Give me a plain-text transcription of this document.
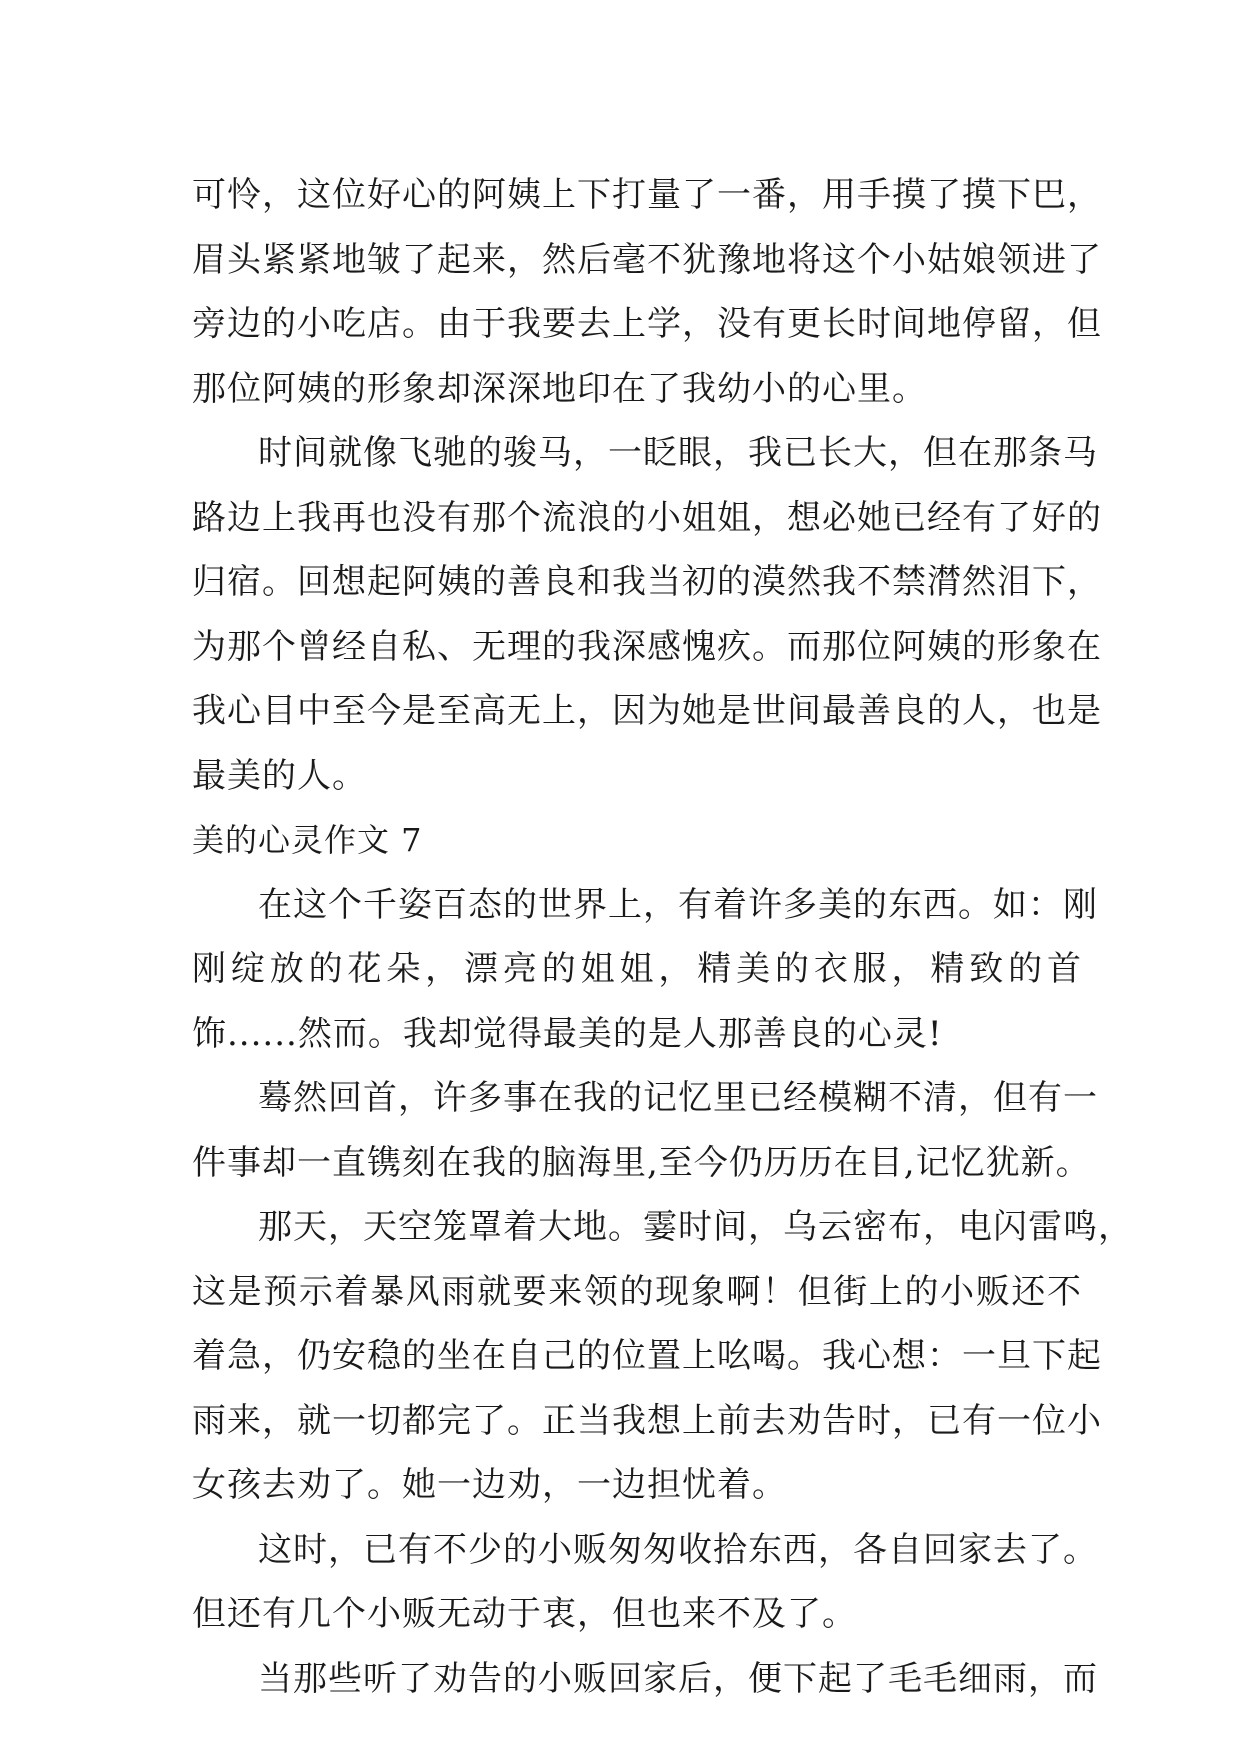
可怜，这位好心的阿姨上下打量了一番，用手摸了摸下巴，
眉头紧紧地皱了起来，然后毫不犹豫地将这个小姑娘领进了
旁边的小吃店。由于我要去上学，没有更长时间地停留，但
那位阿姨的形象却深深地印在了我幼小的心里。
时间就像飞驰的骏马，一眨眼，我已长大，但在那条马
路边上我再也没有那个流浪的小姐姐，想必她已经有了好的
归宿。回想起阿姨的善良和我当初的漠然我不禁潸然泪下，
为那个曾经自私、无理的我深感愧疚。而那位阿姨的形象在
我心目中至今是至高无上，因为她是世间最善良的人，也是
最美的人。
美的心灵作文 7
在这个千姿百态的世界上，有着许多美的东西。如：刚
刚绽放的花朵，漂亮的姐姐，精美的衣服，精致的首
饰......然而。我却觉得最美的是人那善良的心灵!
蓦然回首，许多事在我的记忆里已经模糊不清，但有一
件事却一直镌刻在我的脑海里,至今仍历历在目,记忆犹新。
那天，天空笼罩着大地。霎时间，乌云密布，电闪雷鸣，
这是预示着暴风雨就要来领的现象啊！但街上的小贩还不
着急，仍安稳的坐在自己的位置上吆喝。我心想：一旦下起
雨来，就一切都完了。正当我想上前去劝告时，已有一位小
女孩去劝了。她一边劝，一边担忧着。
这时，已有不少的小贩匆匆收拾东西，各自回家去了。
但还有几个小贩无动于衷，但也来不及了。
当那些听了劝告的小贩回家后，便下起了毛毛细雨，而
